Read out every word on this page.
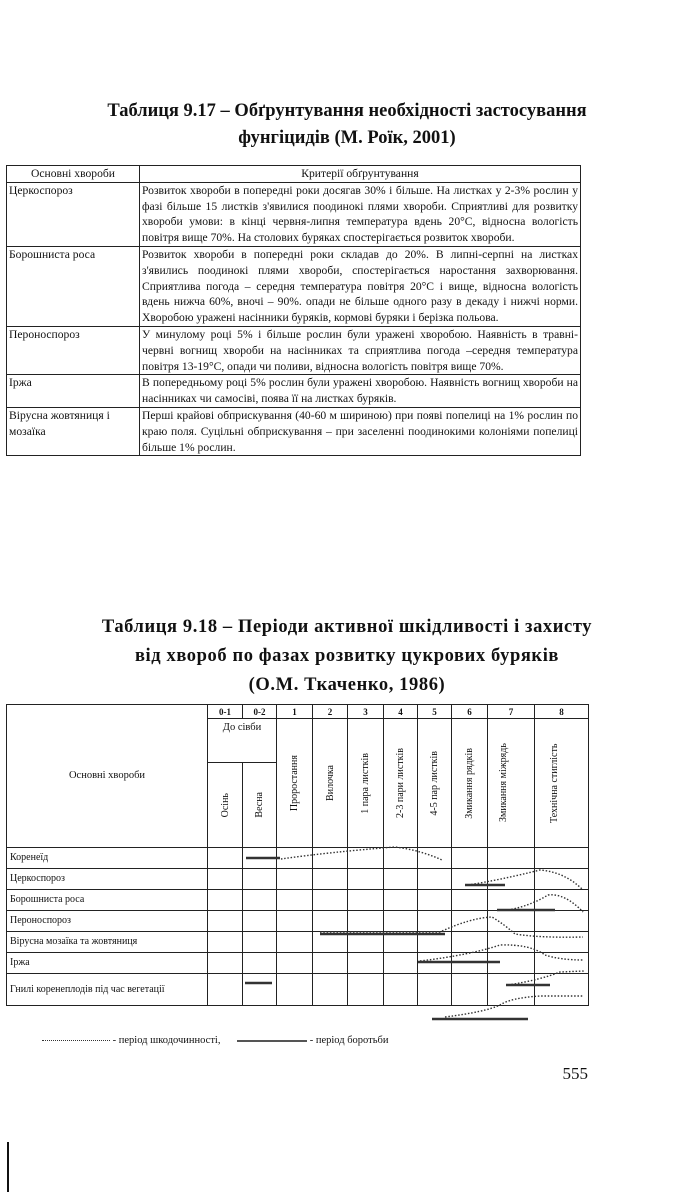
Таблиця 9.17 – Обґрунтування необхідності застосування
фунгіцидів (М. Роїк, 2001)
Основні хвороби	Критерії обґрунтування
Церкоспороз	Розвиток хвороби в попередні роки досягав 30% і більше. На листках у 2-3% рослин у фазі більше 15 листків з'явилися поодинокі плями хвороби. Сприятливі для розвитку хвороби умови: в кінці червня-липня температура вдень 20°С, відносна вологість повітря вище 70%. На столових буряках спостерігається розвиток хвороби.
Борошниста роса	Розвиток хвороби в попередні роки складав до 20%. В липні-серпні на листках з'явились поодинокі плями хвороби, спостерігається наростання захворювання. Сприятлива погода – середня температура повітря 20°С і вище, відносна вологість вдень нижча 60%, вночі – 90%. опади не більше одного разу в декаду і нижчі норми. Хворобою уражені насінники буряків, кормові буряки і берізка польова.
Пероноспороз	У минулому році 5% і більше рослин були уражені хворобою. Наявність в травні-червні вогнищ хвороби на насінниках та сприятлива погода –середня температура повітря 13-19°С, опади чи поливи, відносна вологість повітря вище 70%.
Іржа	В попередньому році 5% рослин були уражені хворобою. Наявність вогнищ хвороби на насінниках чи самосіві, поява її на листках буряків.
Вірусна жовтяниця і мозаїка	Перші крайові обприскування (40-60 м шириною) при появі попелиці на 1% рослин по краю поля. Суцільні обприскування – при заселенні поодинокими колоніями попелиці більше 1% рослин.
Таблиця 9.18 – Періоди активної шкідливості і захисту
від хвороб по фазах розвитку цукрових буряків
(О.М. Ткаченко, 1986)
Основні хвороби	0-1	0-2	1	2	3	4	5	6	7	8
	До сівби		Проростання	Вилочка	1 пара листків	2-3 пари листків	4-5 пар листків	Змикання рядків	Змикання міжрядь	Технічна стиглість

	Осінь	Весна								

Коренеїд										
Церкоспороз										
Борошниста роса										
Пероноспороз										
Вірусна мозаїка та жовтяниця										
Іржа										
Гнилі коренеплодів під час вегетації										
- період шкодочинності,	- період боротьби
555
